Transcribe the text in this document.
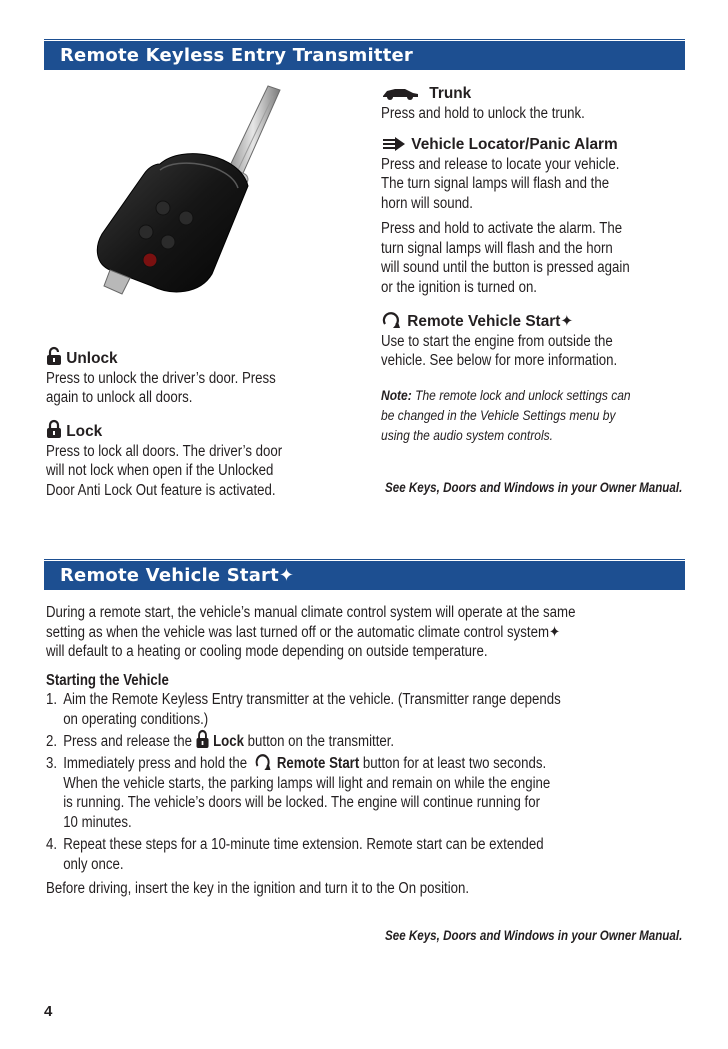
Remote Keyless Entry Transmitter
Trunk
Press and hold to unlock the trunk.
Vehicle Locator/Panic Alarm
Press and release to locate your vehicle.
The turn signal lamps will flash and the
horn will sound.
Press and hold to activate the alarm. The
turn signal lamps will flash and the horn
will sound until the button is pressed again
or the ignition is turned on.
Remote Vehicle Start✦
Use to start the engine from outside the
vehicle. See below for more information.
Note: The remote lock and unlock settings can
be changed in the Vehicle Settings menu by
using the audio system controls.
Unlock
Press to unlock the driver’s door. Press
again to unlock all doors.
Lock
Press to lock all doors. The driver’s door
will not lock when open if the Unlocked
Door Anti Lock Out feature is activated.	See Keys, Doors and Windows in your Owner Manual.
Remote Vehicle Start✦
During a remote start, the vehicle’s manual climate control system will operate at the same
setting as when the vehicle was last turned off or the automatic climate control system✦
will default to a heating or cooling mode depending on outside temperature.
Starting the Vehicle
1. Aim the Remote Keyless Entry transmitter at the vehicle. (Transmitter range depends
on operating conditions.)
2. Press and release the Lock button on the transmitter.
3. Immediately press and hold the Remote Start button for at least two seconds.
When the vehicle starts, the parking lamps will light and remain on while the engine
is running. The vehicle’s doors will be locked. The engine will continue running for
10 minutes.
4. Repeat these steps for a 10-minute time extension. Remote start can be extended
only once.
Before driving, insert the key in the ignition and turn it to the On position.
See Keys, Doors and Windows in your Owner Manual.
4
